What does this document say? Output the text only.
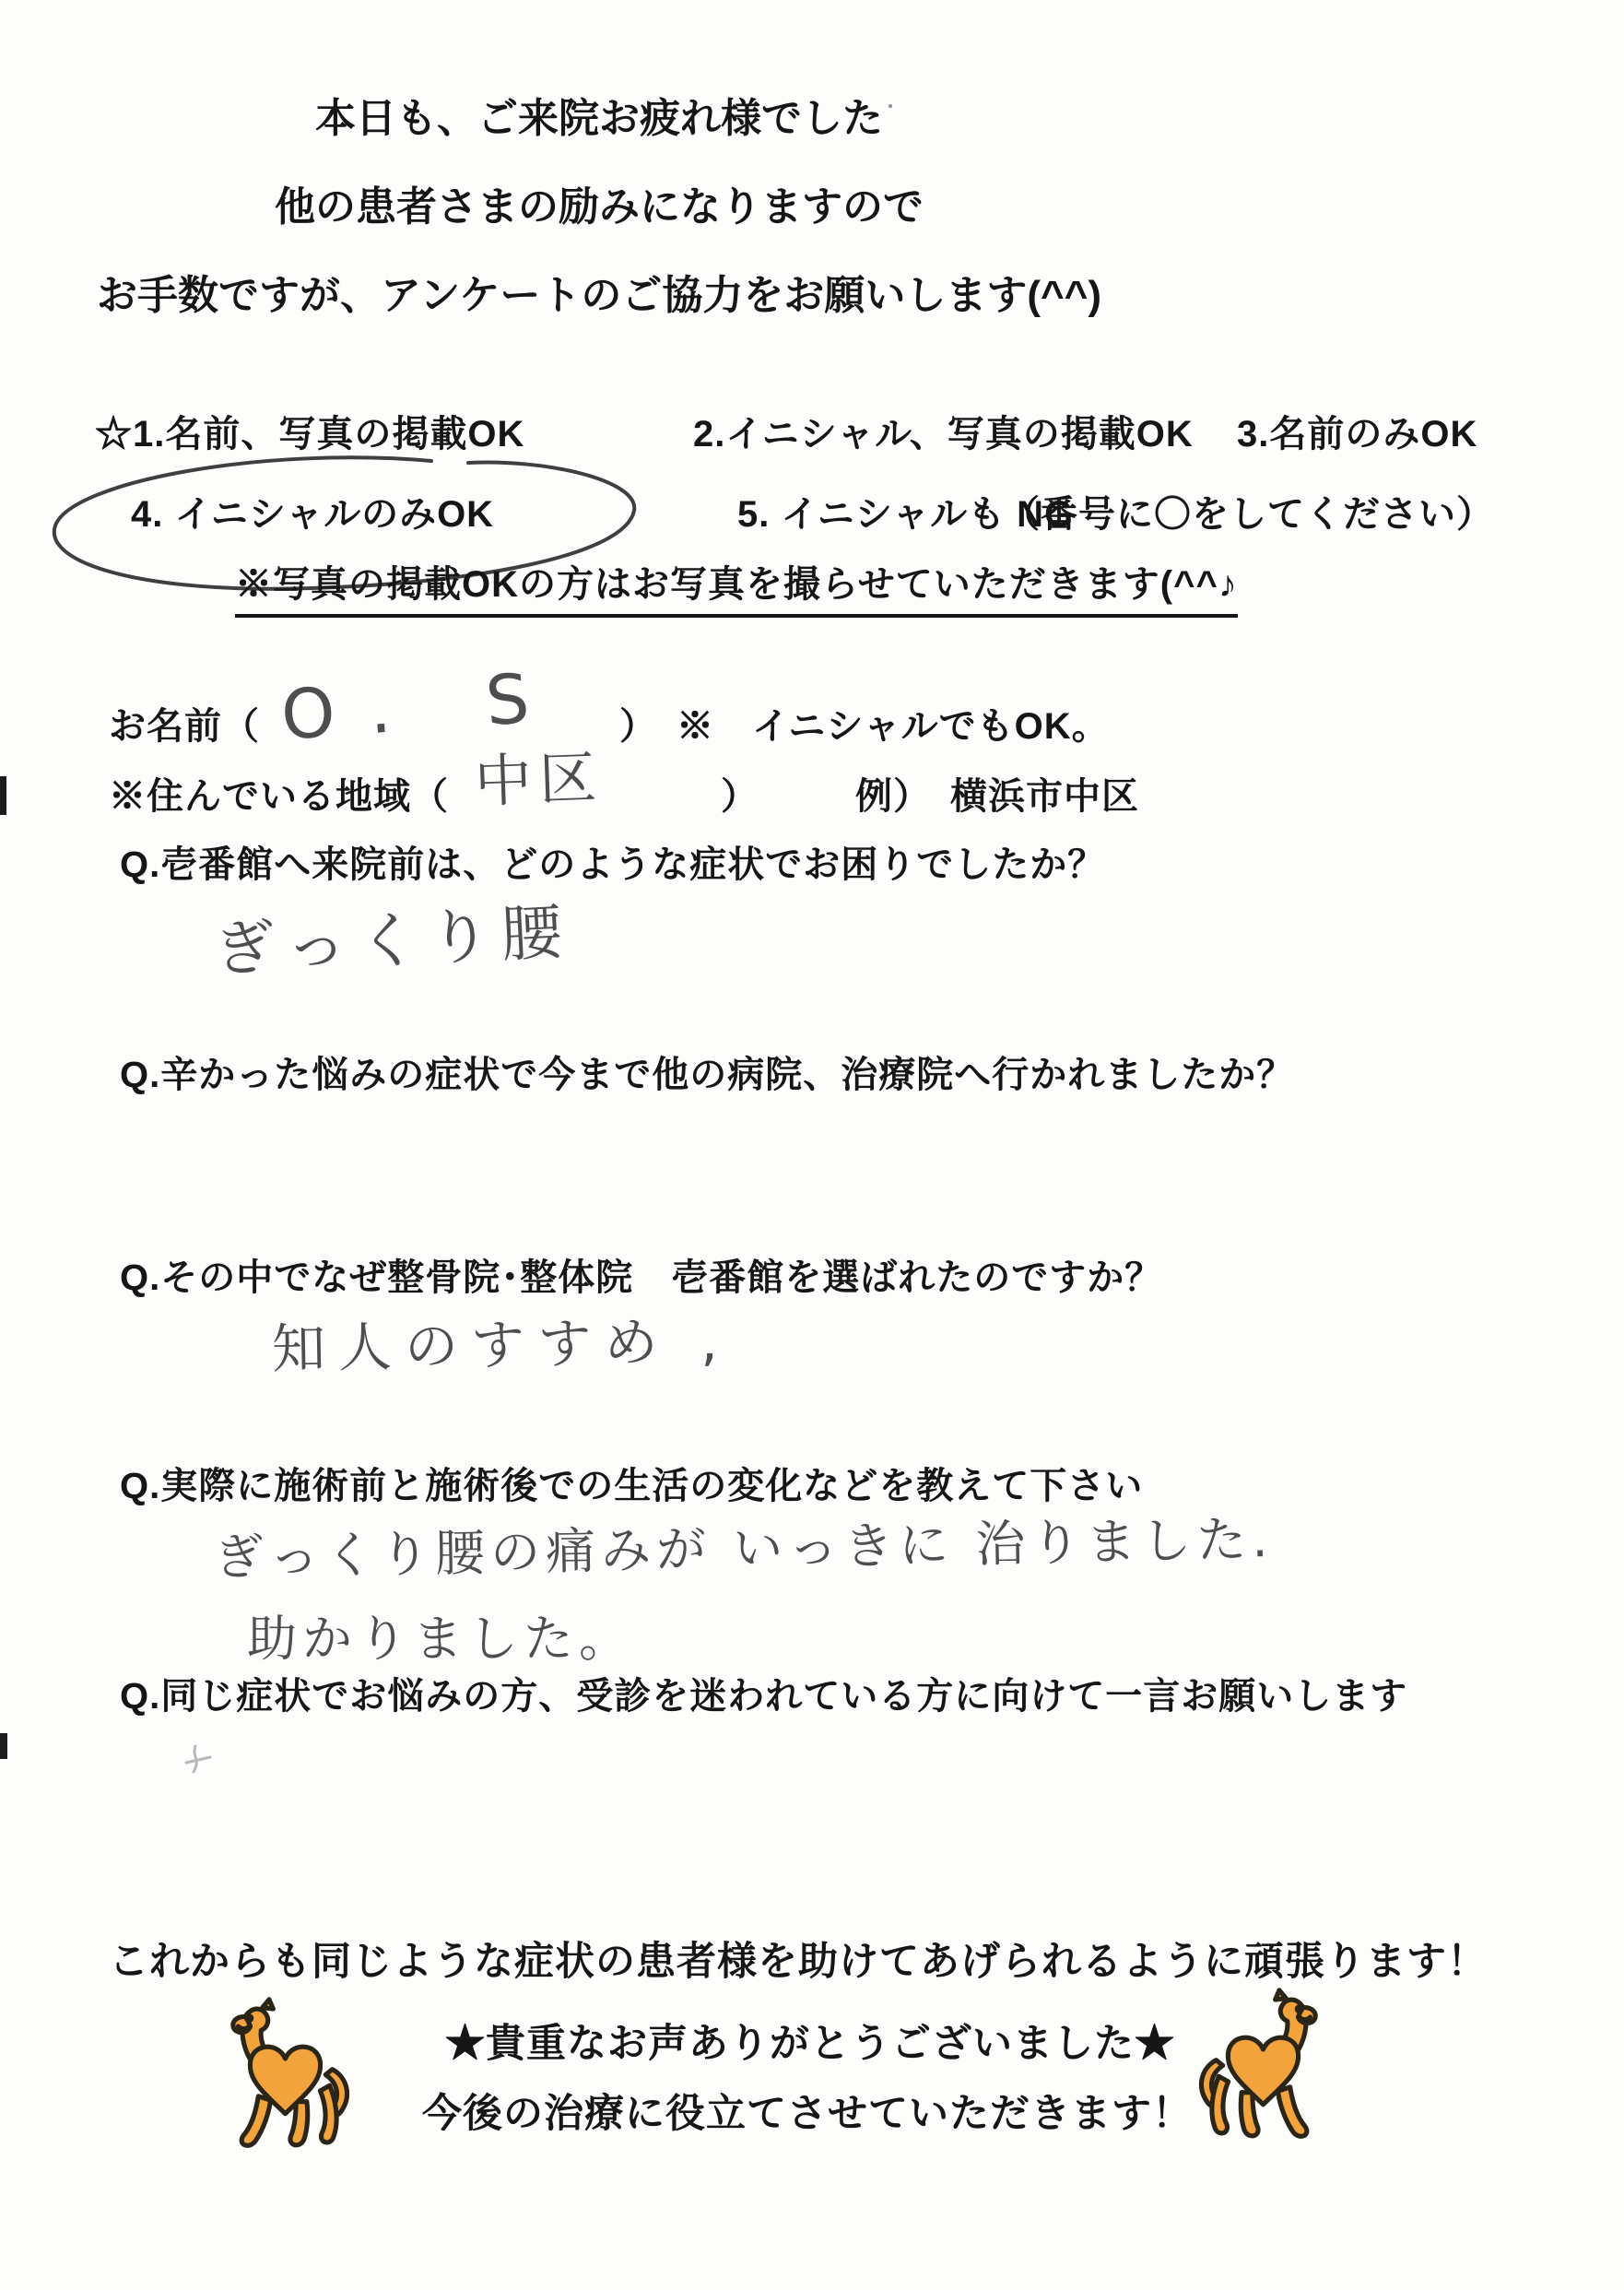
本日も、ご来院お疲れ様でした
他の患者さまの励みになりますので
お手数ですが、アンケートのご協力をお願いします(^^)
☆1.名前、写真の掲載OK	2.イニシャル、写真の掲載OK 3.名前のみOK
4. イニシャルのみOK	5. イニシャルも NG
（番号に〇をしてください）
※写真の掲載OKの方はお写真を撮らせていただきます(^^♪
お名前（ O. S ）　※　イニシャルでもOK。
※住んでいる地域（ 中区	）	例）　横浜市中区
Q.壱番館へ来院前は、どのような症状でお困りでしたか？
ぎっくり腰
Q.辛かった悩みの症状で今まで他の病院、治療院へ行かれましたか？
Q.その中でなぜ整骨院･整体院　壱番館を選ばれたのですか？
知人のすすめ ,
Q.実際に施術前と施術後での生活の変化などを教えて下さい
ぎっくり腰の痛みが いっきに 治りました.
助かりました。
Q.同じ症状でお悩みの方、受診を迷われている方に向けて一言お願いします
これからも同じような症状の患者様を助けてあげられるように頑張ります！
★貴重なお声ありがとうございました★
今後の治療に役立てさせていただきます！
